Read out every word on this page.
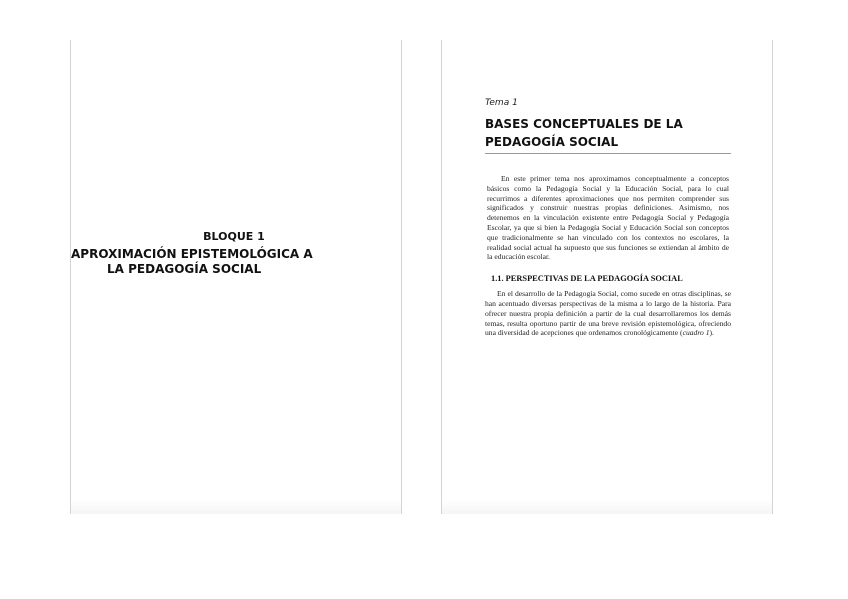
BLOQUE 1
APROXIMACIÓN EPISTEMOLÓGICA A
LA PEDAGOGÍA SOCIAL

Tema 1

BASES CONCEPTUALES DE LA
PEDAGOGÍA SOCIAL

En este primer tema nos aproximamos conceptualmente a conceptos básicos como la Pedagogía Social y la Educación Social, para lo cual recurrimos a diferentes aproximaciones que nos permiten comprender sus significados y construir nuestras propias definiciones. Asimismo, nos detenemos en la vinculación existente entre Pedagogía Social y Pedagogía Escolar, ya que si bien la Pedagogía Social y Educación Social son conceptos que tradicionalmente se han vinculado con los contextos no escolares, la realidad social actual ha supuesto que sus funciones se extiendan al ámbito de la educación escolar.

1.1. PERSPECTIVAS DE LA PEDAGOGÍA SOCIAL

En el desarrollo de la Pedagogía Social, como sucede en otras disciplinas, se han acentuado diversas perspectivas de la misma a lo largo de la historia. Para ofrecer nuestra propia definición a partir de la cual desarrollaremos los demás temas, resulta oportuno partir de una breve revisión epistemológica, ofreciendo una diversidad de acepciones que ordenamos cronológicamente (cuadro 1).
